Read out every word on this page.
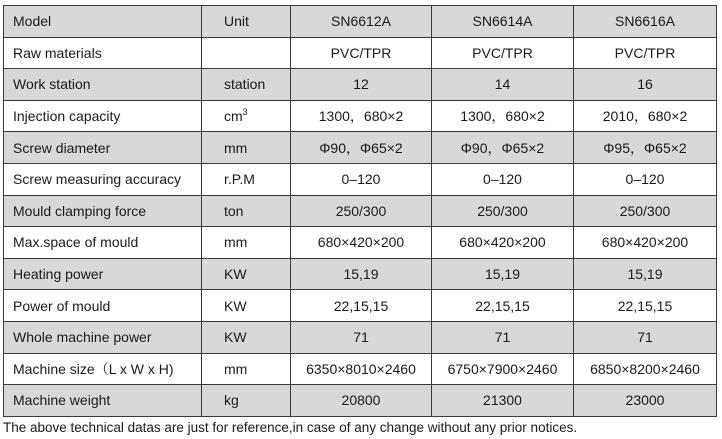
Model	Unit	SN6612A	SN6614A	SN6616A
Raw materials		PVC/TPR	PVC/TPR	PVC/TPR
Work station	station	12	14	16
Injection capacity	$cm^3$	1300，680×2	1300，680×2	2010，680×2
Screw diameter	mm	Φ90，Φ65×2	Φ90，Φ65×2	Φ95，Φ65×2
Screw measuring accuracy	r.P.M	0–120	0–120	0–120
Mould clamping force	ton	250/300	250/300	250/300
Max.space of mould	mm	680×420×200	680×420×200	680×420×200
Heating power	KW	15,19	15,19	15,19
Power of mould	KW	22,15,15	22,15,15	22,15,15
Whole machine power	KW	71	71	71
Machine size（L x W x H)	mm	6350×8010×2460	6750×7900×2460	6850×8200×2460
Machine weight	kg	20800	21300	23000
The above technical datas are just for reference,in case of any change without any prior notices.
